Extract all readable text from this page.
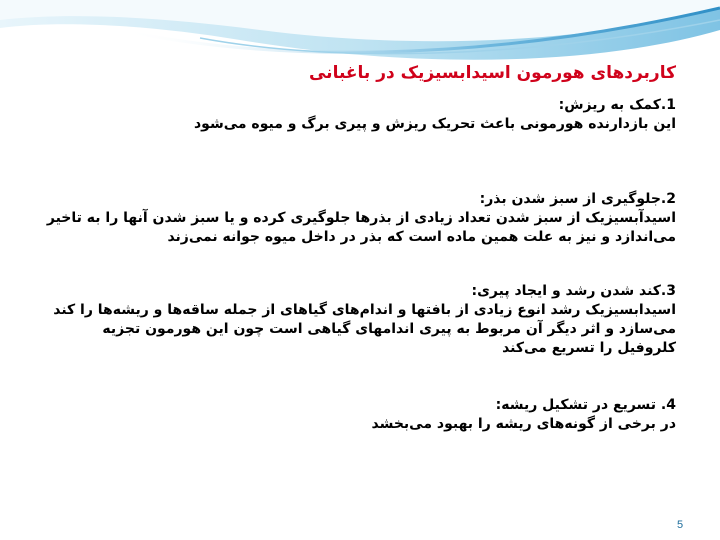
کاربردهای هورمون اسیدابسیزیک در باغبانی
1.کمک به ریزش:
این بازدارنده هورمونی باعث تحریک ریزش و پیری برگ و میوه می‌شود
2.جلوگیری از سبز شدن بذر:
اسیدآبسیزیک از سبز شدن تعداد زیادی از بذرها جلوگیری کرده و یا سبز شدن آنها را به تاخیر می‌اندازد و نیز به علت همین ماده است که بذر در داخل میوه جوانه نمی‌زند
3.کند شدن رشد و ایجاد پیری:
اسیدابسیزیک رشد انوع زیادی از بافتها و اندام‌های گیاهای از جمله ساقه‌ها و ریشه‌ها را کند می‌سازد و اثر دیگر آن مربوط به پیری اندامهای گیاهی است چون این هورمون تجزیه کلروفیل را تسریع می‌کند
4. تسریع در تشکیل ریشه:
در برخی از گونه‌های ریشه را بهبود می‌بخشد
5
